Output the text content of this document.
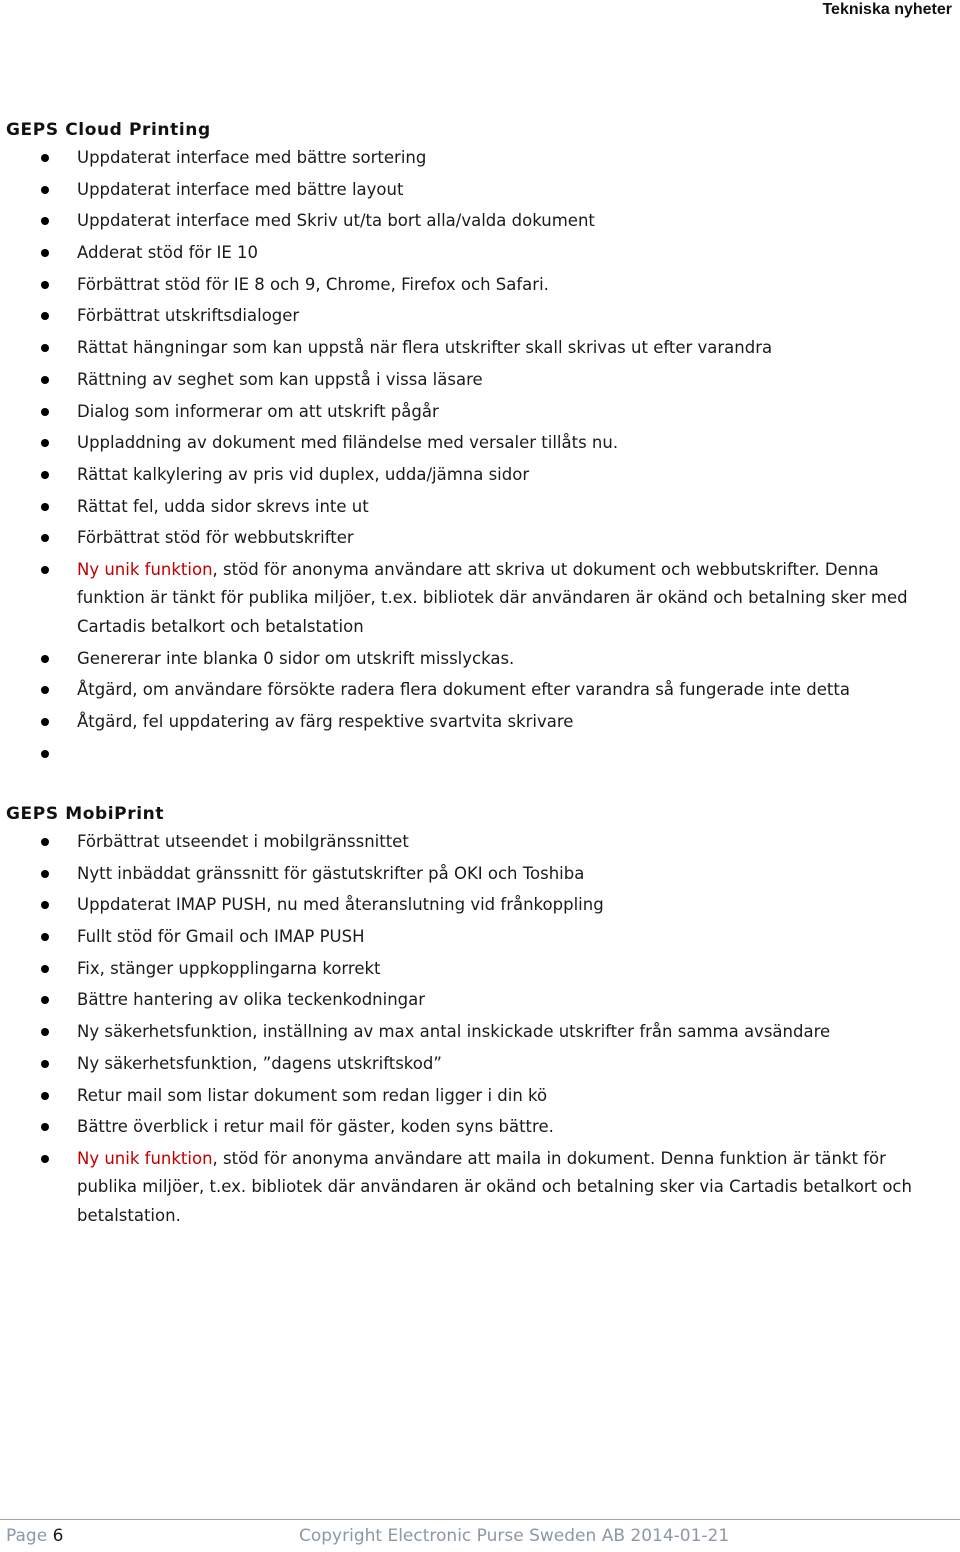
Tekniska nyheter
GEPS Cloud Printing
Uppdaterat interface med bättre sortering
Uppdaterat interface med bättre layout
Uppdaterat interface med Skriv ut/ta bort alla/valda dokument
Adderat stöd för IE 10
Förbättrat stöd för IE 8 och 9, Chrome, Firefox och Safari.
Förbättrat utskriftsdialoger
Rättat hängningar som kan uppstå när flera utskrifter skall skrivas ut efter varandra
Rättning av seghet som kan uppstå i vissa läsare
Dialog som informerar om att utskrift pågår
Uppladdning av dokument med filändelse med versaler tillåts nu.
Rättat kalkylering av pris vid duplex, udda/jämna sidor
Rättat fel, udda sidor skrevs inte ut
Förbättrat stöd för webbutskrifter
Ny unik funktion, stöd för anonyma användare att skriva ut dokument och webbutskrifter. Denna funktion är tänkt för publika miljöer, t.ex. bibliotek där användaren är okänd och betalning sker med Cartadis betalkort och betalstation
Genererar inte blanka 0 sidor om utskrift misslyckas.
Åtgärd, om användare försökte radera flera dokument efter varandra så fungerade inte detta
Åtgärd, fel uppdatering av färg respektive svartvita skrivare
GEPS MobiPrint
Förbättrat utseendet i mobilgränssnittet
Nytt inbäddat gränssnitt för gästutskrifter på OKI och Toshiba
Uppdaterat IMAP PUSH, nu med återanslutning vid frånkoppling
Fullt stöd för Gmail och IMAP PUSH
Fix, stänger uppkopplingarna korrekt
Bättre hantering av olika teckenkodningar
Ny säkerhetsfunktion, inställning av max antal inskickade utskrifter från samma avsändare
Ny säkerhetsfunktion, ”dagens utskriftskod”
Retur mail som listar dokument som redan ligger i din kö
Bättre överblick i retur mail för gäster, koden syns bättre.
Ny unik funktion, stöd för anonyma användare att maila in dokument. Denna funktion är tänkt för publika miljöer, t.ex. bibliotek där användaren är okänd och betalning sker via Cartadis betalkort och betalstation.
Page 6	Copyright Electronic Purse Sweden AB 2014-01-21
